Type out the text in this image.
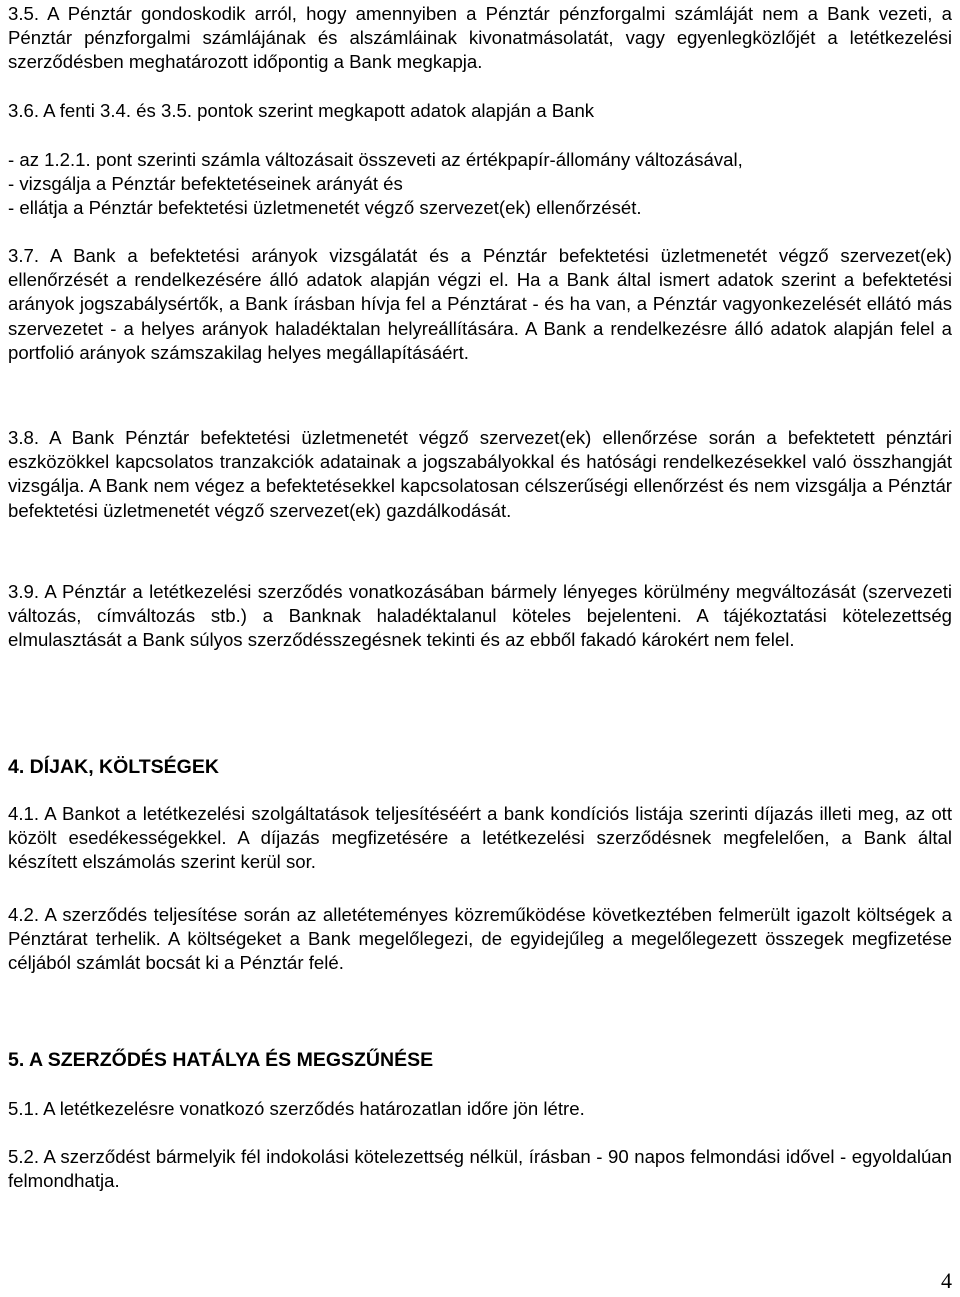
3.5. A Pénztár gondoskodik arról, hogy amennyiben a Pénztár pénzforgalmi számláját nem a Bank vezeti, a Pénztár pénzforgalmi számlájának és alszámláinak kivonatmásolatát, vagy egyenlegközlőjét a letétkezelési szerződésben meghatározott időpontig a Bank megkapja.

3.6. A fenti 3.4. és 3.5. pontok szerint megkapott adatok alapján a Bank

- az 1.2.1. pont szerinti számla változásait összeveti az értékpapír-állomány változásával,
- vizsgálja a Pénztár befektetéseinek arányát és
- ellátja a Pénztár befektetési üzletmenetét végző szervezet(ek) ellenőrzését.

3.7. A Bank a befektetési arányok vizsgálatát és a Pénztár befektetési üzletmenetét végző szervezet(ek) ellenőrzését a rendelkezésére álló adatok alapján végzi el. Ha a Bank által ismert adatok szerint a befektetési arányok jogszabálysértők, a Bank írásban hívja fel a Pénztárat - és ha van, a Pénztár vagyonkezelését ellátó más szervezetet - a helyes arányok haladéktalan helyreállítására. A Bank a rendelkezésre álló adatok alapján felel a portfolió arányok számszakilag helyes megállapításáért.

3.8. A Bank Pénztár befektetési üzletmenetét végző szervezet(ek) ellenőrzése során a befektetett pénztári eszközökkel kapcsolatos tranzakciók adatainak a jogszabályokkal és hatósági rendelkezésekkel való összhangját vizsgálja. A Bank nem végez a befektetésekkel kapcsolatosan célszerűségi ellenőrzést és nem vizsgálja a Pénztár befektetési üzletmenetét végző szervezet(ek) gazdálkodását.

3.9. A Pénztár a letétkezelési szerződés vonatkozásában bármely lényeges körülmény megváltozását (szervezeti változás, címváltozás stb.) a Banknak haladéktalanul köteles bejelenteni. A tájékoztatási kötelezettség elmulasztását a Bank súlyos szerződésszegésnek tekinti és az ebből fakadó károkért nem felel.

4. DÍJAK, KÖLTSÉGEK

4.1. A Bankot a letétkezelési szolgáltatások teljesítéséért a bank kondíciós listája szerinti díjazás illeti meg, az ott közölt esedékességekkel. A díjazás megfizetésére a letétkezelési szerződésnek megfelelően, a Bank által készített elszámolás szerint kerül sor.

4.2. A szerződés teljesítése során az alletéteményes közreműködése következtében felmerült igazolt költségek a Pénztárat terhelik. A költségeket a Bank megelőlegezi, de egyidejűleg a megelőlegezett összegek megfizetése céljából számlát bocsát ki a Pénztár felé.

5. A SZERZŐDÉS HATÁLYA ÉS MEGSZŰNÉSE

5.1. A letétkezelésre vonatkozó szerződés határozatlan időre jön létre.

5.2. A szerződést bármelyik fél indokolási kötelezettség nélkül, írásban - 90 napos felmondási idővel - egyoldalúan felmondhatja.

4
